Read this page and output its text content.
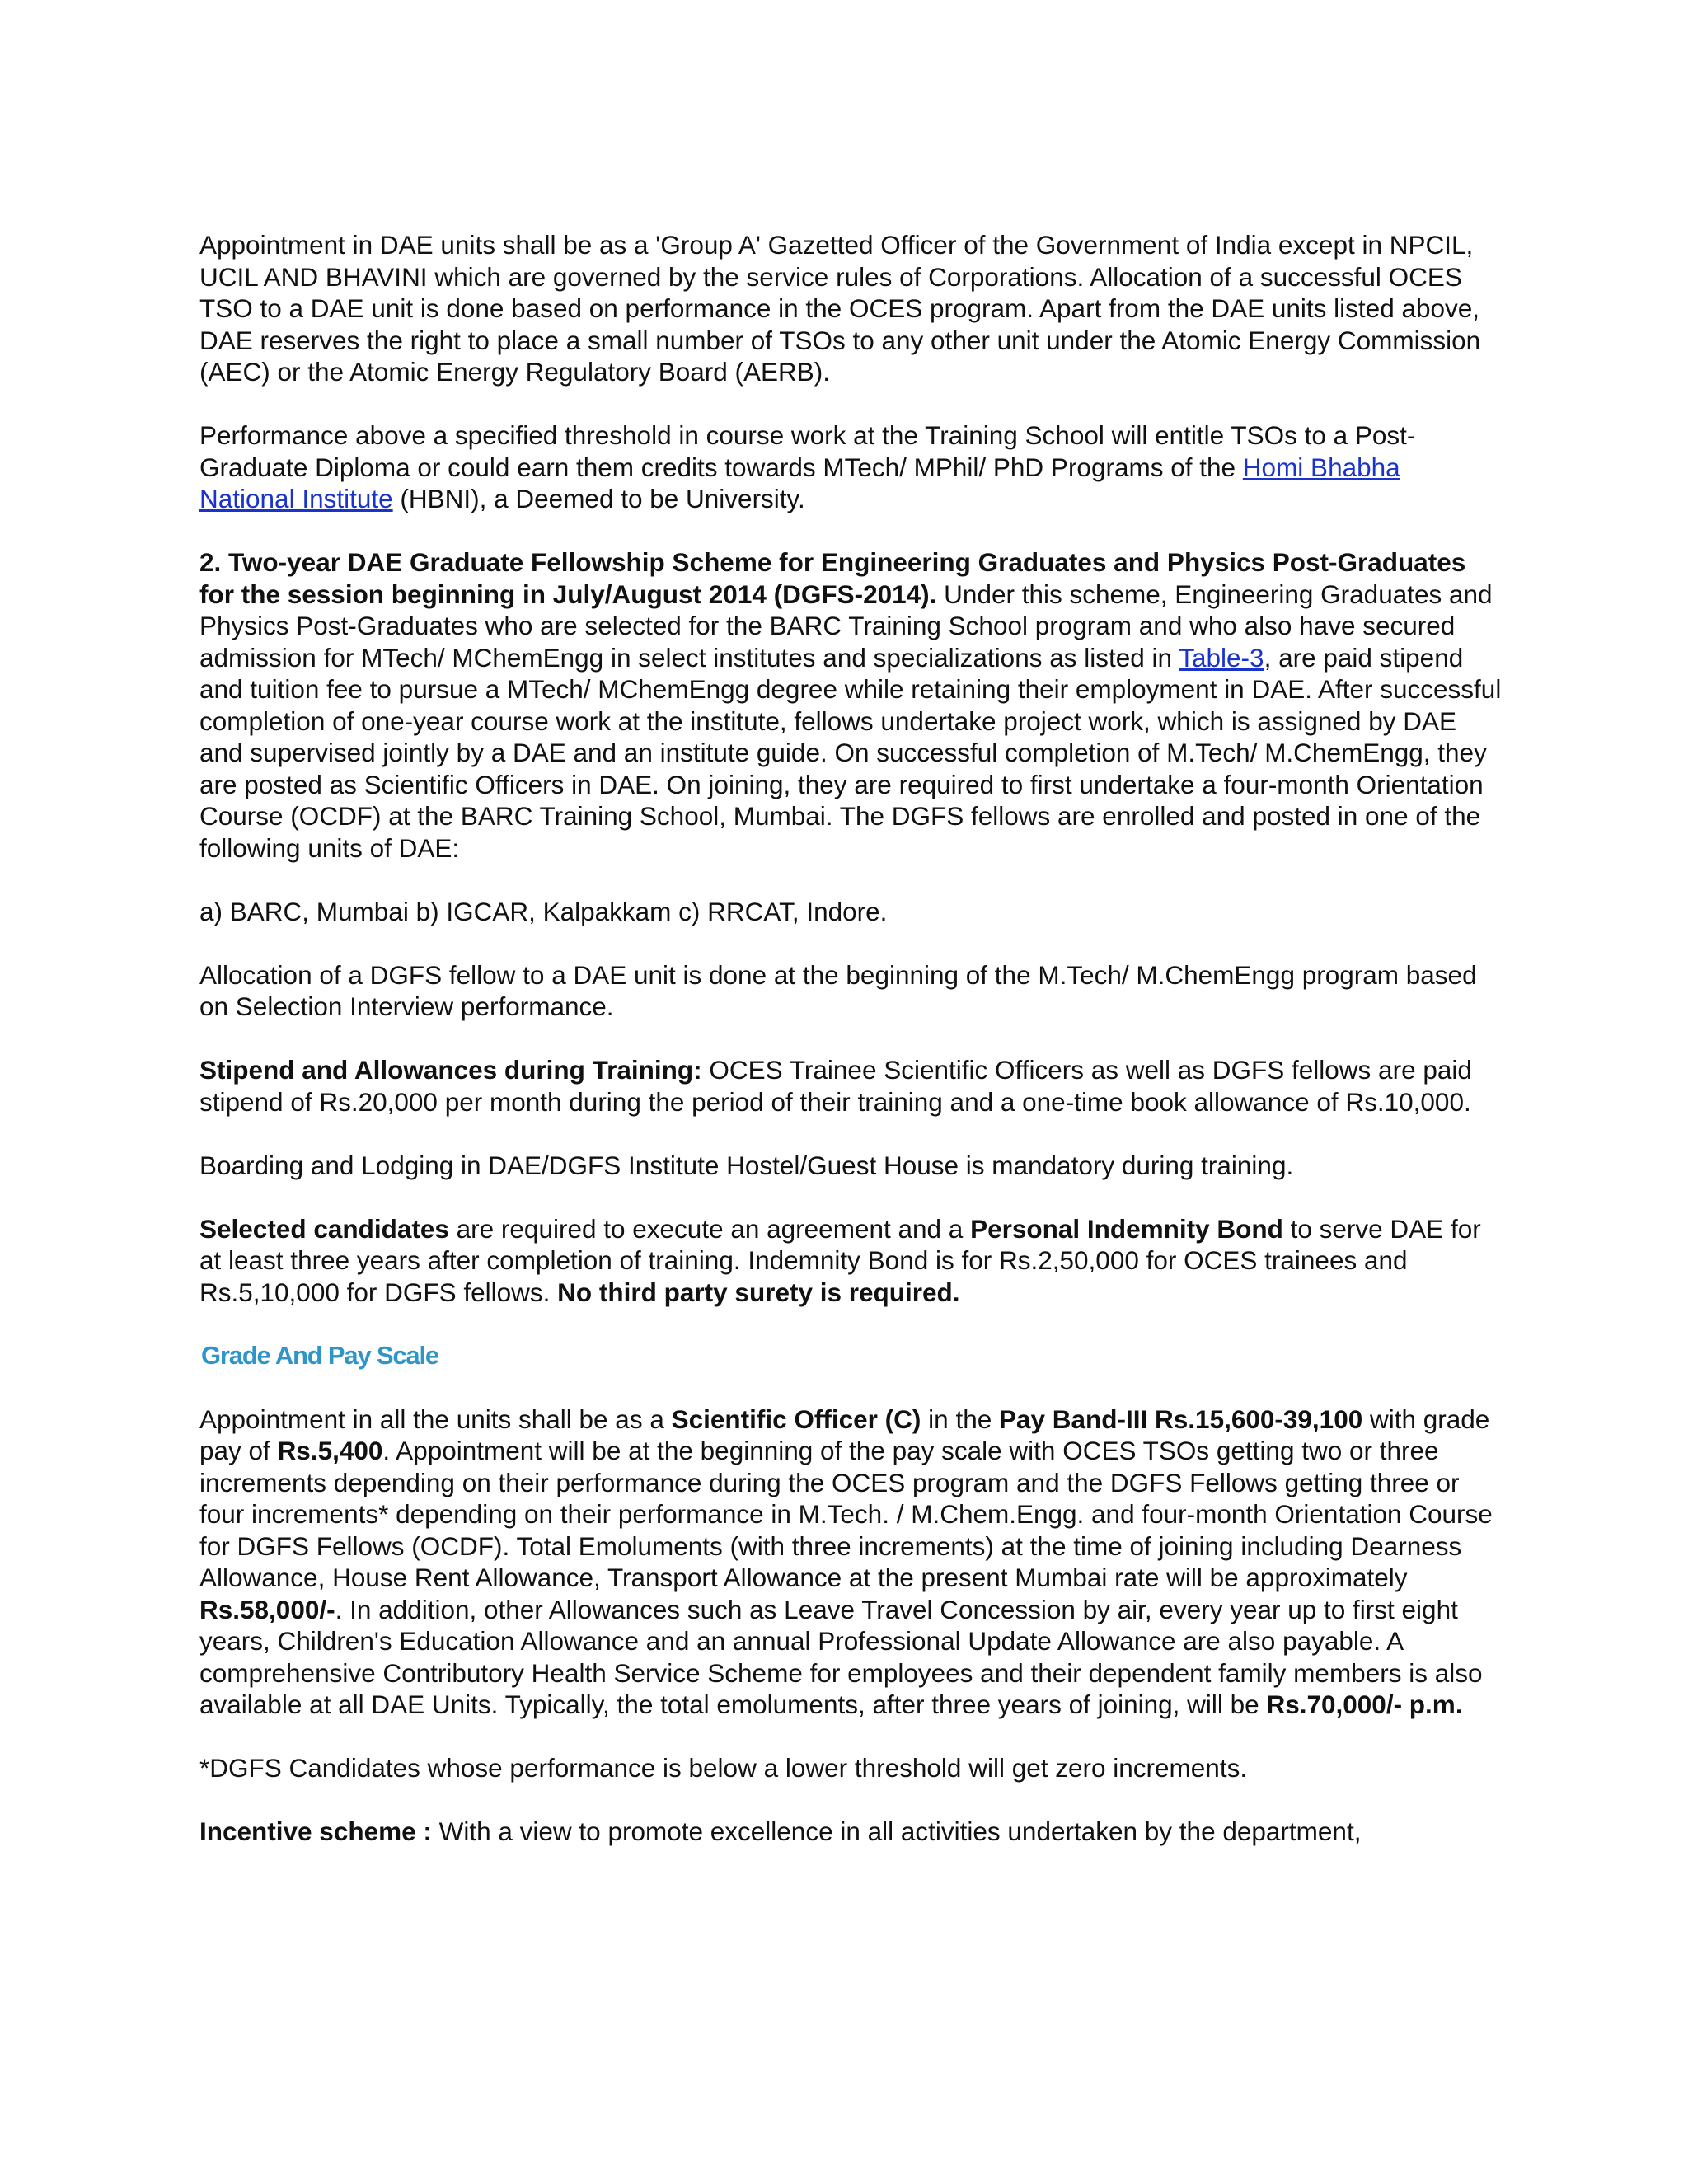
Appointment in DAE units shall be as a 'Group A' Gazetted Officer of the Government of India except in NPCIL, UCIL AND BHAVINI which are governed by the service rules of Corporations. Allocation of a successful OCES TSO to a DAE unit is done based on performance in the OCES program. Apart from the DAE units listed above, DAE reserves the right to place a small number of TSOs to any other unit under the Atomic Energy Commission (AEC) or the Atomic Energy Regulatory Board (AERB).

Performance above a specified threshold in course work at the Training School will entitle TSOs to a Post-Graduate Diploma or could earn them credits towards MTech/ MPhil/ PhD Programs of the Homi Bhabha National Institute (HBNI), a Deemed to be University.

2. Two-year DAE Graduate Fellowship Scheme for Engineering Graduates and Physics Post-Graduates for the session beginning in July/August 2014 (DGFS-2014). Under this scheme, Engineering Graduates and Physics Post-Graduates who are selected for the BARC Training School program and who also have secured admission for MTech/ MChemEngg in select institutes and specializations as listed in Table-3, are paid stipend and tuition fee to pursue a MTech/ MChemEngg degree while retaining their employment in DAE. After successful completion of one-year course work at the institute, fellows undertake project work, which is assigned by DAE and supervised jointly by a DAE and an institute guide. On successful completion of M.Tech/ M.ChemEngg, they are posted as Scientific Officers in DAE. On joining, they are required to first undertake a four-month Orientation Course (OCDF) at the BARC Training School, Mumbai. The DGFS fellows are enrolled and posted in one of the following units of DAE:

a) BARC, Mumbai b) IGCAR, Kalpakkam c) RRCAT, Indore.

Allocation of a DGFS fellow to a DAE unit is done at the beginning of the M.Tech/ M.ChemEngg program based on Selection Interview performance.

Stipend and Allowances during Training: OCES Trainee Scientific Officers as well as DGFS fellows are paid stipend of Rs.20,000 per month during the period of their training and a one-time book allowance of Rs.10,000.

Boarding and Lodging in DAE/DGFS Institute Hostel/Guest House is mandatory during training.

Selected candidates are required to execute an agreement and a Personal Indemnity Bond to serve DAE for at least three years after completion of training. Indemnity Bond is for Rs.2,50,000 for OCES trainees and Rs.5,10,000 for DGFS fellows. No third party surety is required.

Grade And Pay Scale

Appointment in all the units shall be as a Scientific Officer (C) in the Pay Band-III Rs.15,600-39,100 with grade pay of Rs.5,400. Appointment will be at the beginning of the pay scale with OCES TSOs getting two or three increments depending on their performance during the OCES program and the DGFS Fellows getting three or four increments* depending on their performance in M.Tech. / M.Chem.Engg. and four-month Orientation Course for DGFS Fellows (OCDF). Total Emoluments (with three increments) at the time of joining including Dearness Allowance, House Rent Allowance, Transport Allowance at the present Mumbai rate will be approximately Rs.58,000/-. In addition, other Allowances such as Leave Travel Concession by air, every year up to first eight years, Children's Education Allowance and an annual Professional Update Allowance are also payable. A comprehensive Contributory Health Service Scheme for employees and their dependent family members is also available at all DAE Units. Typically, the total emoluments, after three years of joining, will be Rs.70,000/- p.m.

*DGFS Candidates whose performance is below a lower threshold will get zero increments.

Incentive scheme : With a view to promote excellence in all activities undertaken by the department,
